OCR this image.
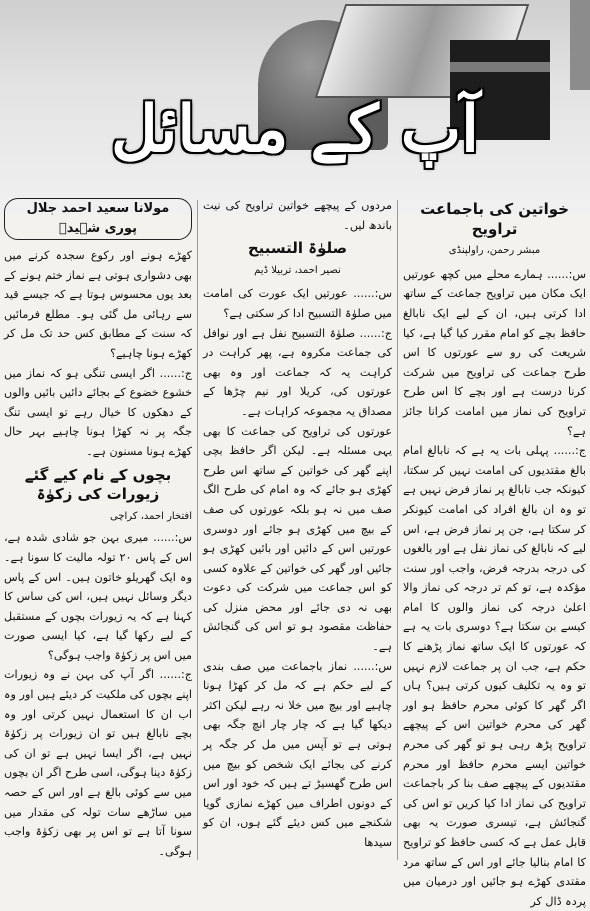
آپ کے مسائل
خواتین کی باجماعت تراویح

مبشر رحمن، راولپنڈی

س:...... ہمارے محلے میں کچھ عورتیں ایک مکان میں تراویح جماعت کے ساتھ ادا کرتی ہیں، ان کے لیے ایک نابالغ حافظ بچے کو امام مقرر کیا گیا ہے، کیا شریعت کی رو سے عورتوں کا اس طرح جماعت کی تراویح میں شرکت کرنا درست ہے اور بچے کا اس طرح تراویح کی نماز میں امامت کرانا جائز ہے؟

ج:...... پہلی بات یہ ہے کہ نابالغ امام بالغ مقتدیوں کی امامت نہیں کر سکتا، کیونکہ جب نابالغ پر نماز فرض نہیں ہے تو وہ ان بالغ افراد کی امامت کیونکر کر سکتا ہے، جن پر نماز فرض ہے، اس لیے کہ نابالغ کی نماز نفل ہے اور بالغوں کی درجہ بدرجہ فرض، واجب اور سنت مؤکدہ ہے، تو کم تر درجہ کی نماز والا اعلیٰ درجہ کی نماز والوں کا امام کیسے بن سکتا ہے؟ دوسری بات یہ ہے کہ عورتوں کا ایک ساتھ نماز پڑھنے کا حکم ہے، جب ان پر جماعت لازم نہیں تو وہ یہ تکلیف کیوں کرتی ہیں؟ ہاں اگر گھر کا کوئی محرم حافظ ہو اور گھر کی محرم خواتین اس کے پیچھے تراویح پڑھ رہی ہو تو گھر کی محرم خواتین ایسے محرم حافظ اور محرم مقتدیوں کے پیچھے صف بنا کر باجماعت تراویح کی نماز ادا کیا کریں تو اس کی گنجائش ہے، تیسری صورت یہ بھی قابل عمل ہے کہ کسی حافظ کو تراویح کا امام بنالیا جائے اور اس کے ساتھ مرد مقتدی کھڑے ہو جائیں اور درمیان میں پردہ ڈال کر

مردوں کے پیچھے خواتین تراویح کی نیت باندھ لیں۔

صلوٰۃ التسبیح

نصیر احمد، تربیلا ڈیم

س:...... عورتیں ایک عورت کی امامت میں صلوٰۃ التسبیح ادا کر سکتی ہے؟

ج:...... صلوٰۃ التسبیح نفل ہے اور نوافل کی جماعت مکروہ ہے، پھر کراہت در کراہت یہ کہ جماعت اور وہ بھی عورتوں کی، کریلا اور نیم چڑھا کے مصداق یہ مجموعہ کراہات ہے۔

عورتوں کی تراویح کی جماعت کا بھی یہی مسئلہ ہے۔ لیکن اگر حافظ بچی اپنے گھر کی خواتین کے ساتھ اس طرح کھڑی ہو جائے کہ وہ امام کی طرح الگ صف میں نہ ہو بلکہ عورتوں کی صف کے بیچ میں کھڑی ہو جائے اور دوسری عورتیں اس کے دائیں اور بائیں کھڑی ہو جائیں اور گھر کی خواتین کے علاوہ کسی کو اس جماعت میں شرکت کی دعوت بھی نہ دی جائے اور محض منزل کی حفاظت مقصود ہو تو اس کی گنجائش ہے۔

س:...... نماز باجماعت میں صف بندی کے لیے حکم ہے کہ مل کر کھڑا ہونا چاہیے اور بیچ میں خلا نہ رہے لیکن اکثر دیکھا گیا ہے کہ چار چار انچ جگہ بھی ہوتی ہے تو آپس میں مل کر جگہ پر کرنے کی بجائے ایک شخص کو بیچ میں اس طرح گھسیڑ تے ہیں کہ خود اور اس کے دونوں اطراف میں کھڑے نمازی گویا شکنجے میں کس دیئے گئے ہوں، ان کو سیدھا

مولانا سعید احمد جلال پوری شہیدؒ

کھڑے ہونے اور رکوع سجدہ کرنے میں بھی دشواری ہوتی ہے نماز ختم ہونے کے بعد یوں محسوس ہوتا ہے کہ جیسے قید سے رہائی مل گئی ہو۔ مطلع فرمائیں کہ سنت کے مطابق کس حد تک مل کر کھڑے ہونا چاہیے؟

ج:...... اگر ایسی تنگی ہو کہ نماز میں خشوع خضوع کے بجائے دائیں بائیں والوں کے دھکوں کا خیال رہے تو ایسی تنگ جگہ پر نہ کھڑا ہونا چاہیے بہر حال کھڑے ہونا مسنون ہے۔

بچوں کے نام کیے گئے زیورات کی زکوٰۃ

افتخار احمد، کراچی

س:...... میری بہن جو شادی شدہ ہے، اس کے پاس ۲۰ تولہ مالیت کا سونا ہے۔ وہ ایک گھریلو خاتون ہیں۔ اس کے پاس دیگر وسائل نہیں ہیں، اس کی ساس کا کہنا ہے کہ یہ زیورات بچوں کے مستقبل کے لیے رکھا گیا ہے، کیا ایسی صورت میں اس پر زکوٰۃ واجب ہوگی؟

ج:...... اگر آپ کی بہن نے وہ زیورات اپنے بچوں کی ملکیت کر دیئے ہیں اور وہ اب ان کا استعمال نہیں کرتی اور وہ بچے نابالغ ہیں تو ان زیورات پر زکوٰۃ نہیں ہے، اگر ایسا نہیں ہے تو ان کی زکوٰۃ دینا ہوگی، اسی طرح اگر ان بچوں میں سے کوئی بالغ ہے اور اس کے حصہ میں ساڑھے سات تولہ کی مقدار میں سونا آتا ہے تو اس پر بھی زکوٰۃ واجب ہوگی۔
